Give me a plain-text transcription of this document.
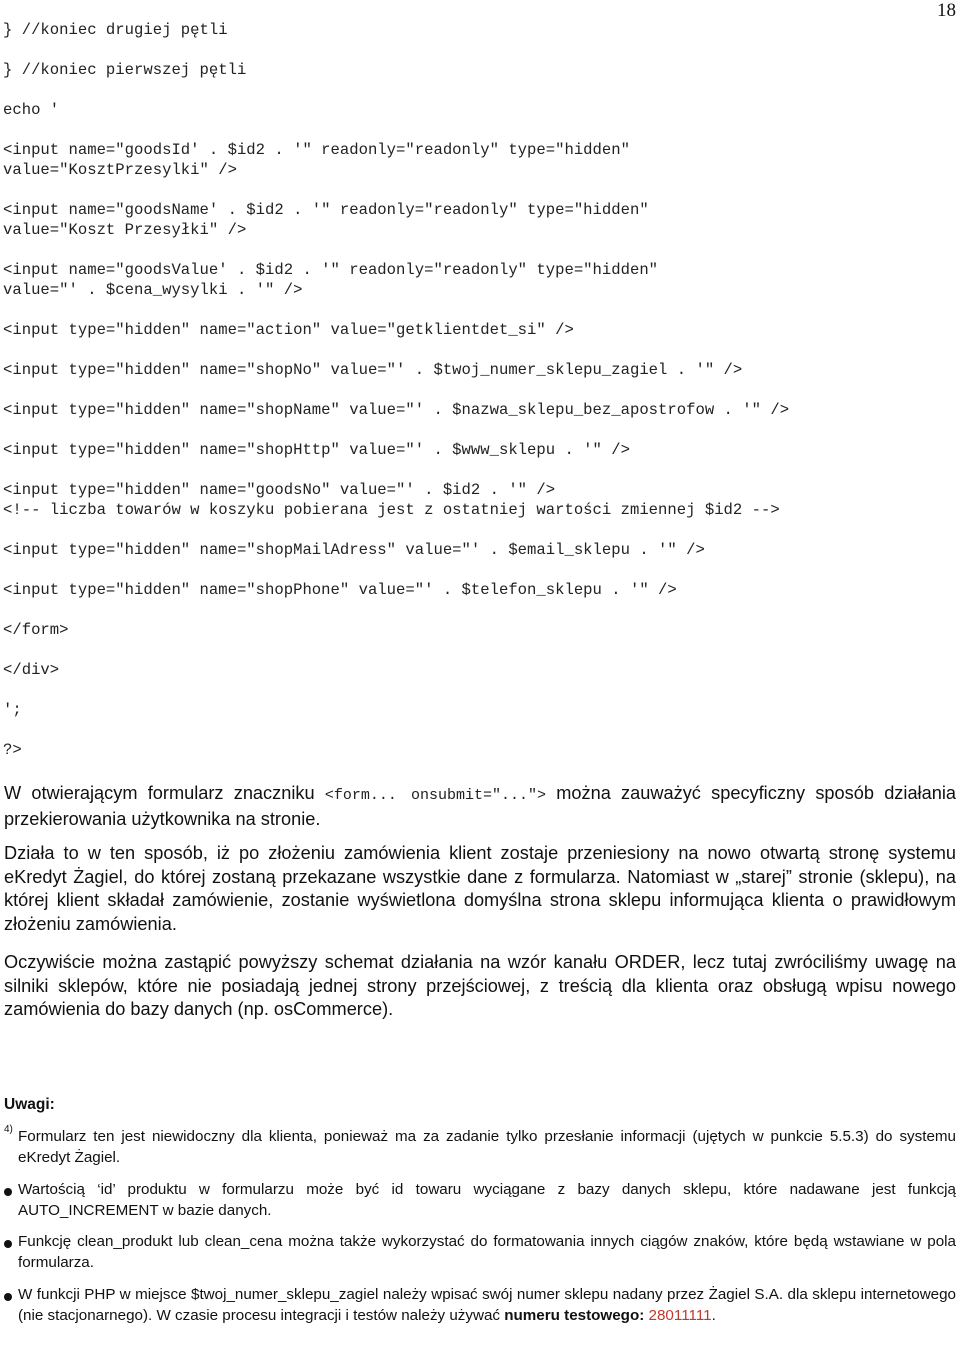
18
} //koniec drugiej pętli
} //koniec pierwszej pętli
echo '
<input name="goodsId' . $id2 . '" readonly="readonly" type="hidden"
value="KosztPrzesylki" />
<input name="goodsName' . $id2 . '" readonly="readonly" type="hidden"
value="Koszt Przesyłki" />
<input name="goodsValue' . $id2 . '" readonly="readonly" type="hidden"
value="' . $cena_wysylki . '" />
<input type="hidden" name="action" value="getklientdet_si" />
<input type="hidden" name="shopNo" value="' . $twoj_numer_sklepu_zagiel . '" />
<input type="hidden" name="shopName" value="' . $nazwa_sklepu_bez_apostrofow . '" />
<input type="hidden" name="shopHttp" value="' . $www_sklepu . '" />
<input type="hidden" name="goodsNo" value="' . $id2 . '" />
<!-- liczba towarów w koszyku pobierana jest z ostatniej wartości zmiennej $id2 -->
<input type="hidden" name="shopMailAdress" value="' . $email_sklepu . '" />
<input type="hidden" name="shopPhone" value="' . $telefon_sklepu . '" />
</form>
</div>
';
?>
W otwierającym formularz znaczniku <form... onsubmit="..."> można zauważyć specyficzny sposób działania przekierowania użytkownika na stronie.
Działa to w ten sposób, iż po złożeniu zamówienia klient zostaje przeniesiony na nowo otwartą stronę systemu eKredyt Żagiel, do której zostaną przekazane wszystkie dane z formularza. Natomiast w „starej” stronie (sklepu), na której klient składał zamówienie, zostanie wyświetlona domyślna strona sklepu informująca klienta o prawidłowym złożeniu zamówienia.
Oczywiście można zastąpić powyższy schemat działania na wzór kanału ORDER, lecz tutaj zwróciliśmy uwagę na silniki sklepów, które nie posiadają jednej strony przejściowej, z treścią dla klienta oraz obsługą wpisu nowego zamówienia do bazy danych (np. osCommerce).
Uwagi:
4) Formularz ten jest niewidoczny dla klienta, ponieważ ma za zadanie tylko przesłanie informacji (ujętych w punkcie 5.5.3) do systemu eKredyt Żagiel.
Wartością ‘id’ produktu w formularzu może być id towaru wyciągane z bazy danych sklepu, które nadawane jest funkcją AUTO_INCREMENT w bazie danych.
Funkcję clean_produkt lub clean_cena można także wykorzystać do formatowania innych ciągów znaków, które będą wstawiane w pola formularza.
W funkcji PHP w miejsce $twoj_numer_sklepu_zagiel należy wpisać swój numer sklepu nadany przez Żagiel S.A. dla sklepu internetowego (nie stacjonarnego). W czasie procesu integracji i testów należy używać numeru testowego: 28011111.
